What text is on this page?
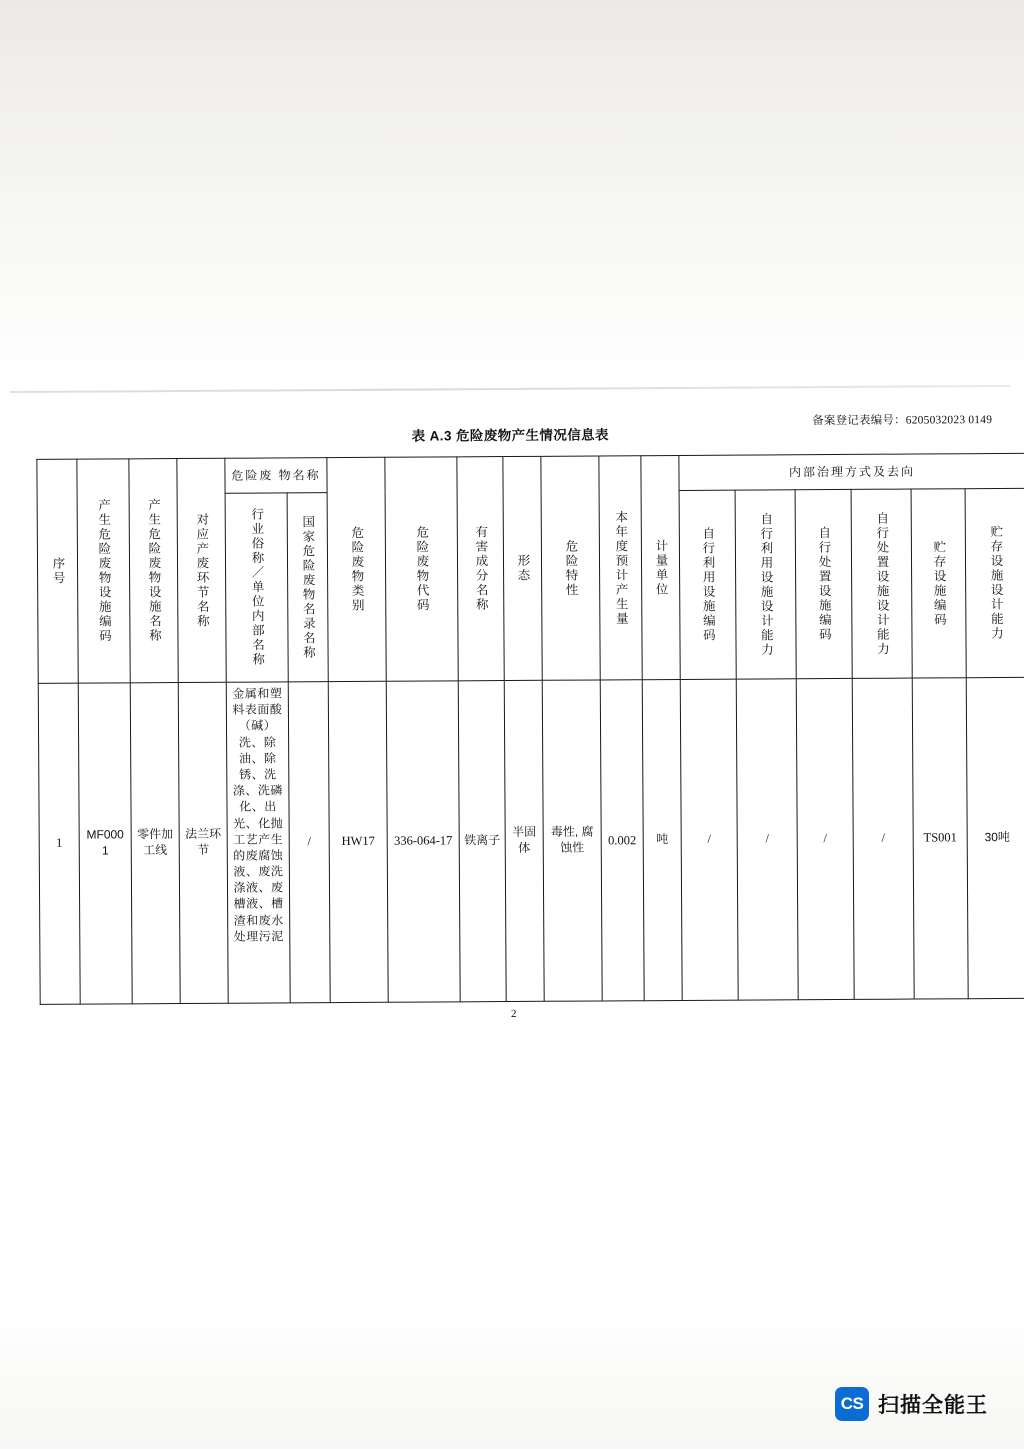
备案登记表编号：6205032023 0149
表 A.3 危险废物产生情况信息表
序号	产生危险废物设施编码	产生危险废物设施名称	对应产废环节名称	危险废 物名称		危险废物类别	危险废物代码	有害成分名称	形态	危险特性	本年度预计产生量	计量单位	内部治理方式及去向					

				行业俗称／单位内部名称	国家危险废物名录名称								自行利用设施编码	自行利用设施设计能力	自行处置设施编码	自行处置设施设计能力	贮存设施编码	贮存设施设计能力

1	MF0001	零件加工线	法兰环节	金属和塑料表面酸（碱）洗、除油、除锈、洗涤、洗磷化、出光、化抛工艺产生的废腐蚀液、废洗涤液、废槽液、槽渣和废水处理污泥	/	HW17	336-064-17	铁离子	半固体	毒性, 腐蚀性	0.002	吨	/	/	/	/	TS001	30吨
2
CS 扫描全能王
